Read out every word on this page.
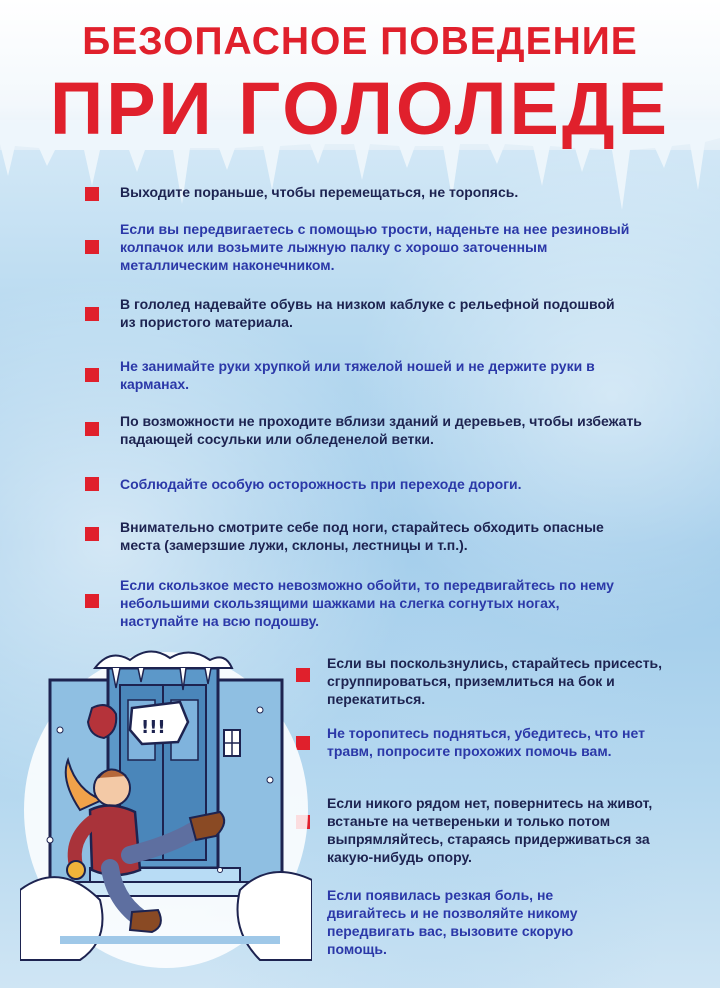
БЕЗОПАСНОЕ ПОВЕДЕНИЕ
ПРИ ГОЛОЛЕДЕ

Выходите пораньше, чтобы перемещаться, не торопясь.

Если вы передвигаетесь с помощью трости, наденьте на нее резиновый колпачок или возьмите лыжную палку с хорошо заточенным металлическим наконечником.

В гололед надевайте обувь на низком каблуке с рельефной подошвой из пористого материала.

Не занимайте руки хрупкой или тяжелой ношей и не держите руки в карманах.

По возможности не проходите вблизи зданий и деревьев, чтобы избежать падающей сосульки или обледенелой ветки.

Соблюдайте особую осторожность при переходе дороги.

Внимательно смотрите себе под ноги, старайтесь обходить опасные места (замерзшие лужи, склоны, лестницы и т.п.).

Если скользкое место невозможно обойти, то передвигайтесь по нему небольшими скользящими шажками на слегка согнутых ногах, наступайте на всю подошву.

Если вы поскользнулись, старайтесь присесть, сгруппироваться, приземлиться на бок и перекатиться.

Не торопитесь подняться, убедитесь, что нет травм, попросите прохожих помочь вам.

Если никого рядом нет, повернитесь на живот, встаньте на четвереньки и только потом выпрямляйтесь, стараясь придерживаться за какую-нибудь опору.

Если появилась резкая боль, не двигайтесь и не позволяйте никому передвигать вас, вызовите скорую помощь.

!!!
